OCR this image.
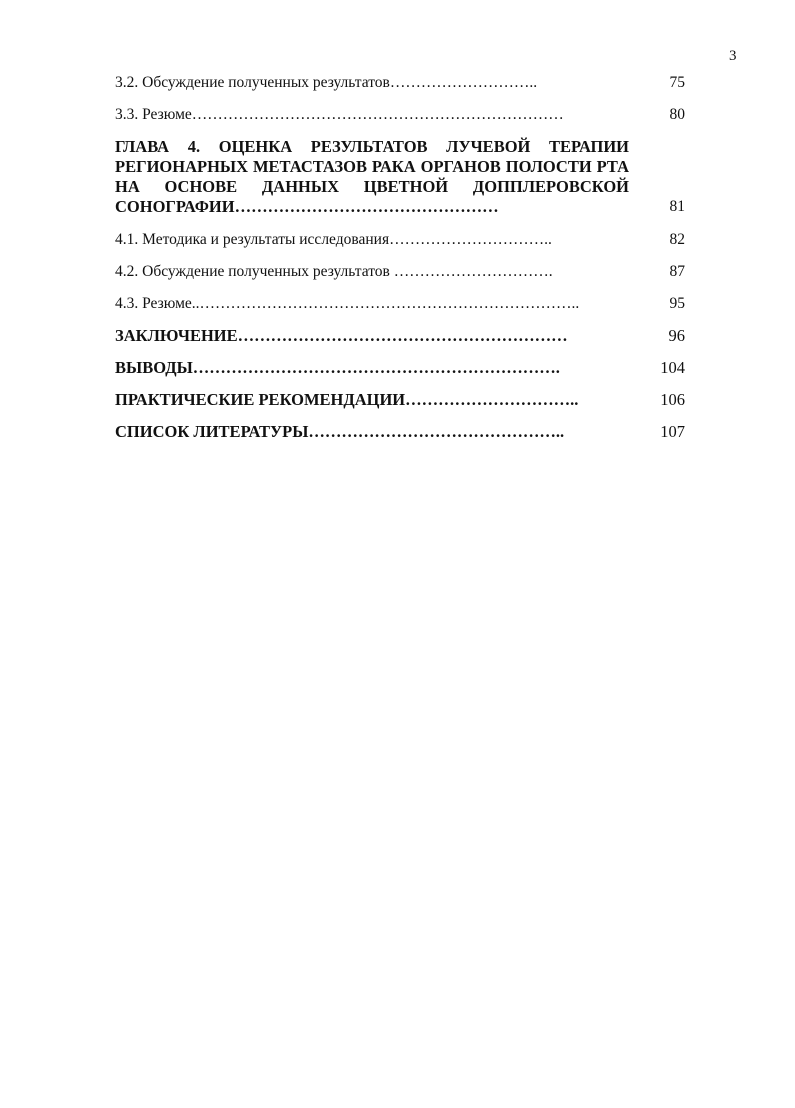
3
3.2. Обсуждение полученных результатов………………………..	75
3.3. Резюме………………………………………………………………	80
ГЛАВА 4. ОЦЕНКА РЕЗУЛЬТАТОВ ЛУЧЕВОЙ ТЕРАПИИ РЕГИОНАРНЫХ МЕТАСТАЗОВ РАКА ОРГАНОВ ПОЛОСТИ РТА НА ОСНОВЕ ДАННЫХ ЦВЕТНОЙ ДОППЛЕРОВСКОЙ СОНОГРАФИИ…………………………………………	81
4.1. Методика и результаты исследования…………………………..	82
4.2. Обсуждение полученных результатов ………………………….	87
4.3. Резюме..………………………………………………………………..	95
ЗАКЛЮЧЕНИЕ……………………………………………………	96
ВЫВОДЫ………………………………………………………….	104
ПРАКТИЧЕСКИЕ РЕКОМЕНДАЦИИ…………………………..	106
СПИСОК ЛИТЕРАТУРЫ………………………………………..	107
